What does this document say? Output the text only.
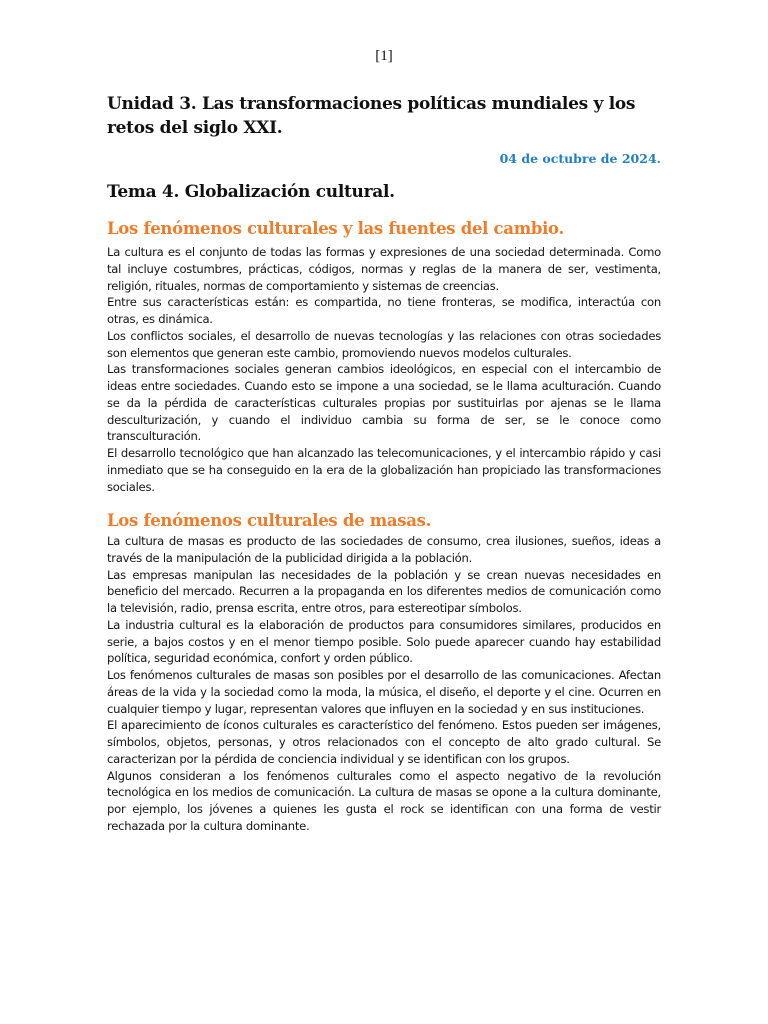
[1]
Unidad 3. Las transformaciones políticas mundiales y los retos del siglo XXI.
04 de octubre de 2024.
Tema 4. Globalización cultural.
Los fenómenos culturales y las fuentes del cambio.

La cultura es el conjunto de todas las formas y expresiones de una sociedad determinada. Como tal incluye costumbres, prácticas, códigos, normas y reglas de la manera de ser, vestimenta, religión, rituales, normas de comportamiento y sistemas de creencias.

Entre sus características están: es compartida, no tiene fronteras, se modifica, interactúa con otras, es dinámica.

Los conflictos sociales, el desarrollo de nuevas tecnologías y las relaciones con otras sociedades son elementos que generan este cambio, promoviendo nuevos modelos culturales.

Las transformaciones sociales generan cambios ideológicos, en especial con el intercambio de ideas entre sociedades. Cuando esto se impone a una sociedad, se le llama aculturación. Cuando se da la pérdida de características culturales propias por sustituirlas por ajenas se le llama desculturización, y cuando el individuo cambia su forma de ser, se le conoce como transculturación.

El desarrollo tecnológico que han alcanzado las telecomunicaciones, y el intercambio rápido y casi inmediato que se ha conseguido en la era de la globalización han propiciado las transformaciones sociales.

Los fenómenos culturales de masas.

La cultura de masas es producto de las sociedades de consumo, crea ilusiones, sueños, ideas a través de la manipulación de la publicidad dirigida a la población.

Las empresas manipulan las necesidades de la población y se crean nuevas necesidades en beneficio del mercado. Recurren a la propaganda en los diferentes medios de comunicación como la televisión, radio, prensa escrita, entre otros, para estereotipar símbolos.

La industria cultural es la elaboración de productos para consumidores similares, producidos en serie, a bajos costos y en el menor tiempo posible. Solo puede aparecer cuando hay estabilidad política, seguridad económica, confort y orden público.

Los fenómenos culturales de masas son posibles por el desarrollo de las comunicaciones. Afectan áreas de la vida y la sociedad como la moda, la música, el diseño, el deporte y el cine. Ocurren en cualquier tiempo y lugar, representan valores que influyen en la sociedad y en sus instituciones.

El aparecimiento de íconos culturales es característico del fenómeno. Estos pueden ser imágenes, símbolos, objetos, personas, y otros relacionados con el concepto de alto grado cultural. Se caracterizan por la pérdida de conciencia individual y se identifican con los grupos.

Algunos consideran a los fenómenos culturales como el aspecto negativo de la revolución tecnológica en los medios de comunicación. La cultura de masas se opone a la cultura dominante, por ejemplo, los jóvenes a quienes les gusta el rock se identifican con una forma de vestir rechazada por la cultura dominante.
